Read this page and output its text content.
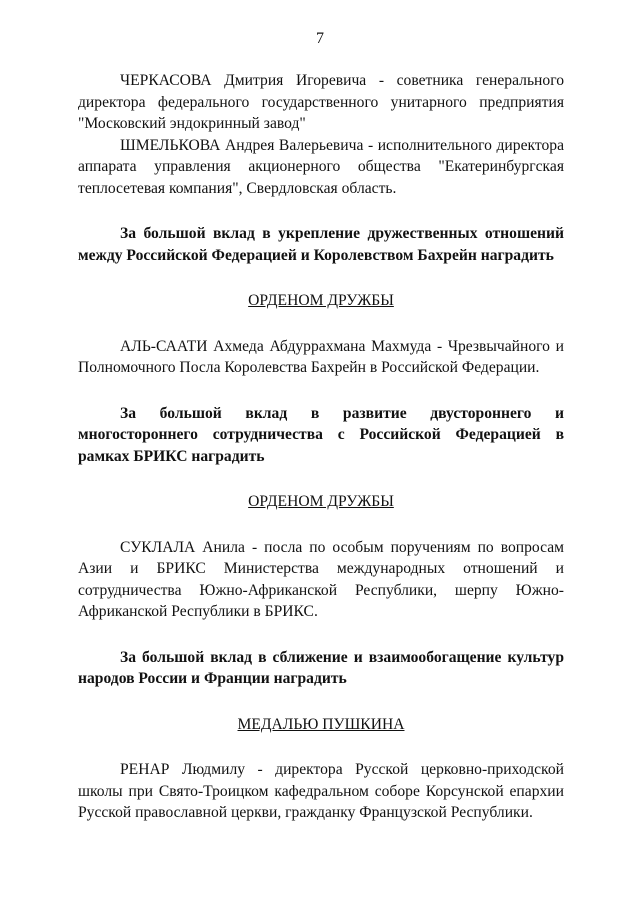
7

ЧЕРКАСОВА Дмитрия Игоревича - советника генерального директора федерального государственного унитарного предприятия "Московский эндокринный завод"

ШМЕЛЬКОВА Андрея Валерьевича - исполнительного директора аппарата управления акционерного общества "Екатеринбургская теплосетевая компания", Свердловская область.

За большой вклад в укрепление дружественных отношений между Российской Федерацией и Королевством Бахрейн наградить

ОРДЕНОМ ДРУЖБЫ

АЛЬ-СААТИ Ахмеда Абдуррахмана Махмуда - Чрезвычайного и Полномочного Посла Королевства Бахрейн в Российской Федерации.

За большой вклад в развитие двустороннего и многостороннего сотрудничества с Российской Федерацией в рамках БРИКС наградить

ОРДЕНОМ ДРУЖБЫ

СУКЛАЛА Анила - посла по особым поручениям по вопросам Азии и БРИКС Министерства международных отношений и сотрудничества Южно-Африканской Республики, шерпу Южно-Африканской Республики в БРИКС.

За большой вклад в сближение и взаимообогащение культур народов России и Франции наградить

МЕДАЛЬЮ ПУШКИНА

РЕНАР Людмилу - директора Русской церковно-приходской школы при Свято-Троицком кафедральном соборе Корсунской епархии Русской православной церкви, гражданку Французской Республики.
